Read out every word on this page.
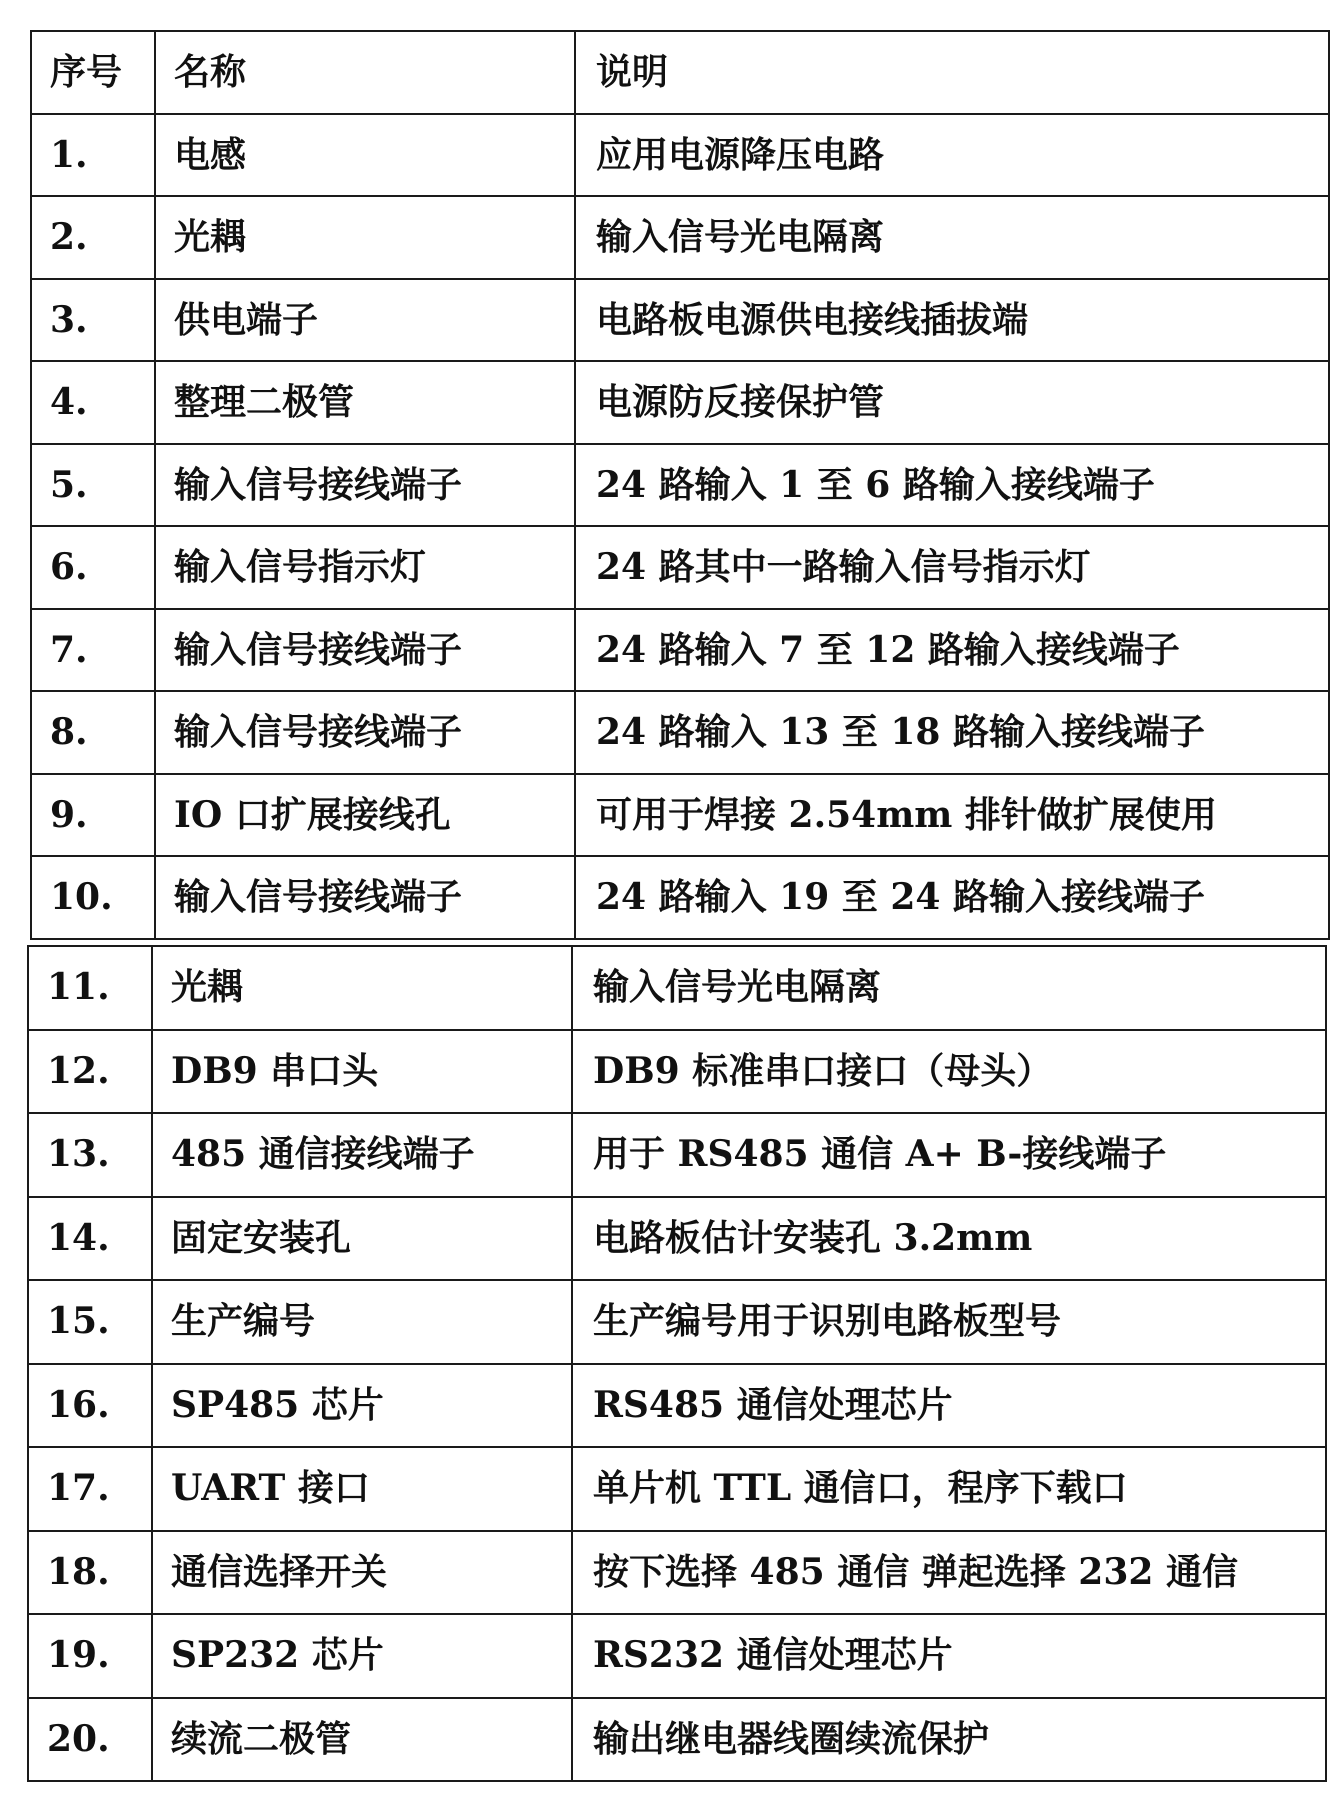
序号	名称	说明
1.	电感	应用电源降压电路
2.	光耦	输入信号光电隔离
3.	供电端子	电路板电源供电接线插拔端
4.	整理二极管	电源防反接保护管
5.	输入信号接线端子	24 路输入 1 至 6 路输入接线端子
6.	输入信号指示灯	24 路其中一路输入信号指示灯
7.	输入信号接线端子	24 路输入 7 至 12 路输入接线端子
8.	输入信号接线端子	24 路输入 13 至 18 路输入接线端子
9.	IO 口扩展接线孔	可用于焊接 2.54mm 排针做扩展使用
10.	输入信号接线端子	24 路输入 19 至 24 路输入接线端子
11.	光耦	输入信号光电隔离
12.	DB9 串口头	DB9 标准串口接口（母头）
13.	485 通信接线端子	用于 RS485 通信 A+ B-接线端子
14.	固定安装孔	电路板估计安装孔 3.2mm
15.	生产编号	生产编号用于识别电路板型号
16.	SP485 芯片	RS485 通信处理芯片
17.	UART 接口	单片机 TTL 通信口，程序下载口
18.	通信选择开关	按下选择 485 通信 弹起选择 232 通信
19.	SP232 芯片	RS232 通信处理芯片
20.	续流二极管	输出继电器线圈续流保护
